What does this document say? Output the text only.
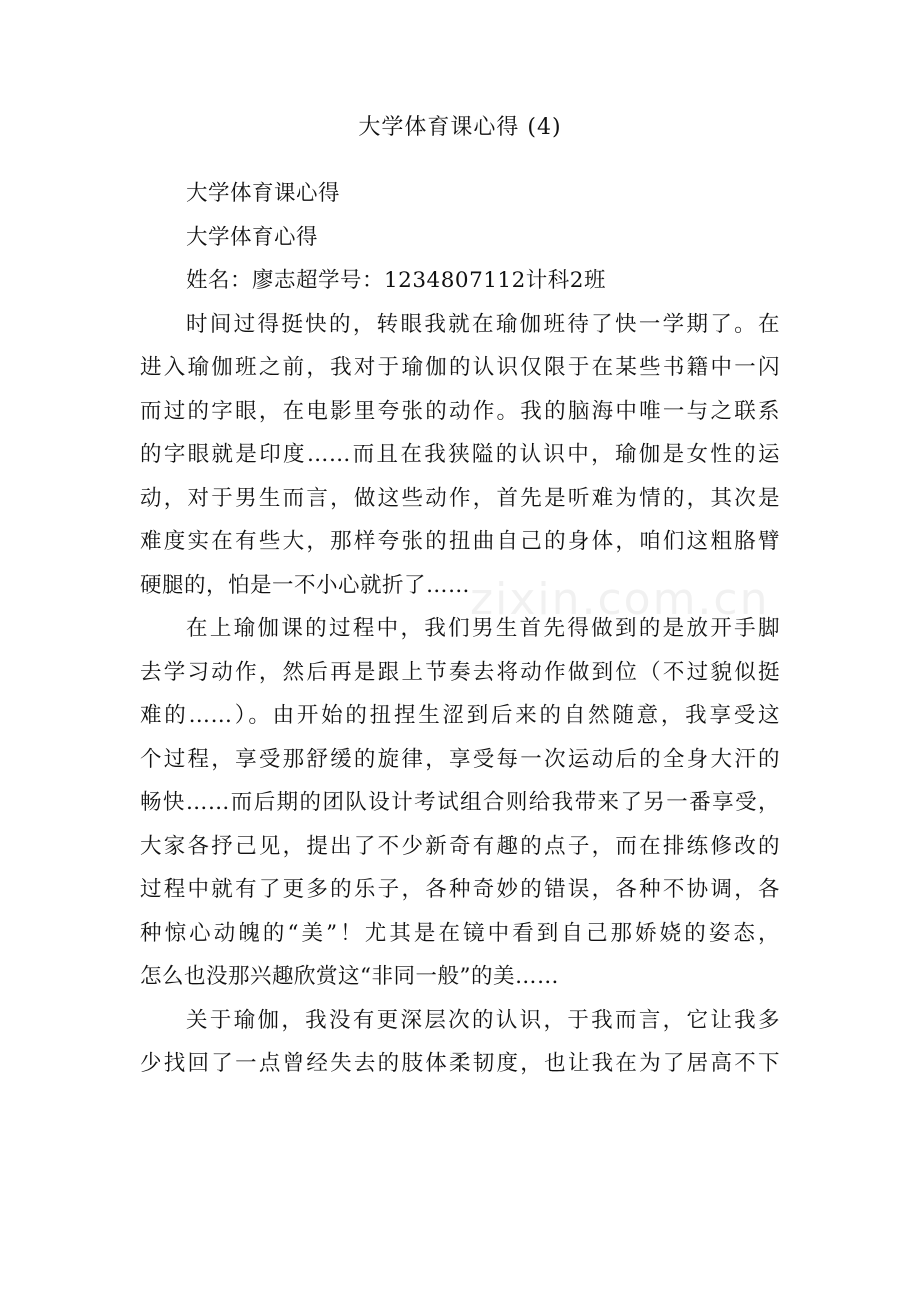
zixin.com.cn
大学体育课心得 (4)
大学体育课心得
大学体育心得
姓名：廖志超学号：1234807112计科2班
时间过得挺快的，转眼我就在瑜伽班待了快一学期了。在
进入瑜伽班之前，我对于瑜伽的认识仅限于在某些书籍中一闪
而过的字眼，在电影里夸张的动作。我的脑海中唯一与之联系
的字眼就是印度……而且在我狭隘的认识中，瑜伽是女性的运
动，对于男生而言，做这些动作，首先是听难为情的，其次是
难度实在有些大，那样夸张的扭曲自己的身体，咱们这粗胳臂
硬腿的，怕是一不小心就折了……
在上瑜伽课的过程中，我们男生首先得做到的是放开手脚
去学习动作，然后再是跟上节奏去将动作做到位（不过貌似挺
难的……）。由开始的扭捏生涩到后来的自然随意，我享受这
个过程，享受那舒缓的旋律，享受每一次运动后的全身大汗的
畅快……而后期的团队设计考试组合则给我带来了另一番享受，
大家各抒己见，提出了不少新奇有趣的点子，而在排练修改的
过程中就有了更多的乐子，各种奇妙的错误，各种不协调，各
种惊心动魄的“美”！尤其是在镜中看到自己那娇娆的姿态，
怎么也没那兴趣欣赏这“非同一般”的美……
关于瑜伽，我没有更深层次的认识，于我而言，它让我多
少找回了一点曾经失去的肢体柔韧度，也让我在为了居高不下
